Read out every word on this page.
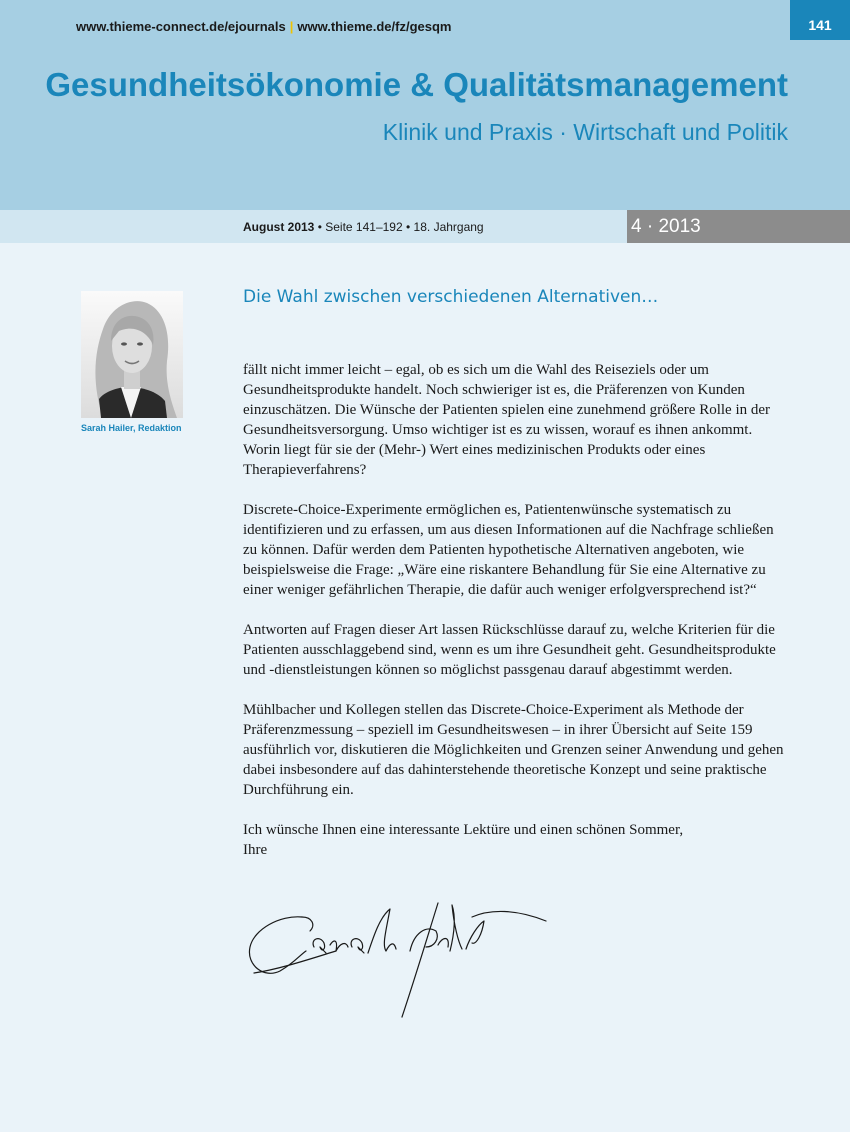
www.thieme-connect.de/ejournals | www.thieme.de/fz/gesqm	141
Gesundheitsökonomie & Qualitätsmanagement
Klinik und Praxis · Wirtschaft und Politik
August 2013 • Seite 141–192 • 18. Jahrgang	4 · 2013
Sarah Hailer, Redaktion
Die Wahl zwischen verschiedenen Alternativen…

fällt nicht immer leicht – egal, ob es sich um die Wahl des Reiseziels oder um Gesundheitsprodukte handelt. Noch schwieriger ist es, die Präferenzen von Kunden einzuschätzen. Die Wünsche der Patienten spielen eine zunehmend größere Rolle in der Gesundheitsversorgung. Umso wichtiger ist es zu wissen, worauf es ihnen ankommt. Worin liegt für sie der (Mehr-) Wert eines medizinischen Produkts oder eines Therapieverfahrens?

Discrete-Choice-Experimente ermöglichen es, Patientenwünsche systematisch zu identifizieren und zu erfassen, um aus diesen Informationen auf die Nachfrage schließen zu können. Dafür werden dem Patienten hypothetische Alternativen angeboten, wie beispielsweise die Frage: „Wäre eine riskantere Behandlung für Sie eine Alternative zu einer weniger gefährlichen Therapie, die dafür auch weniger erfolgversprechend ist?“

Antworten auf Fragen dieser Art lassen Rückschlüsse darauf zu, welche Kriterien für die Patienten ausschlaggebend sind, wenn es um ihre Gesundheit geht. Gesundheitsprodukte und -dienstleistungen können so möglichst passgenau darauf abgestimmt werden.

Mühlbacher und Kollegen stellen das Discrete-Choice-Experiment als Methode der Präferenzmessung – speziell im Gesundheitswesen – in ihrer Übersicht auf Seite 159 ausführlich vor, diskutieren die Möglichkeiten und Grenzen seiner Anwendung und gehen dabei insbesondere auf das dahinterstehende theoretische Konzept und seine praktische Durchführung ein.

Ich wünsche Ihnen eine interessante Lektüre und einen schönen Sommer,

Ihre
